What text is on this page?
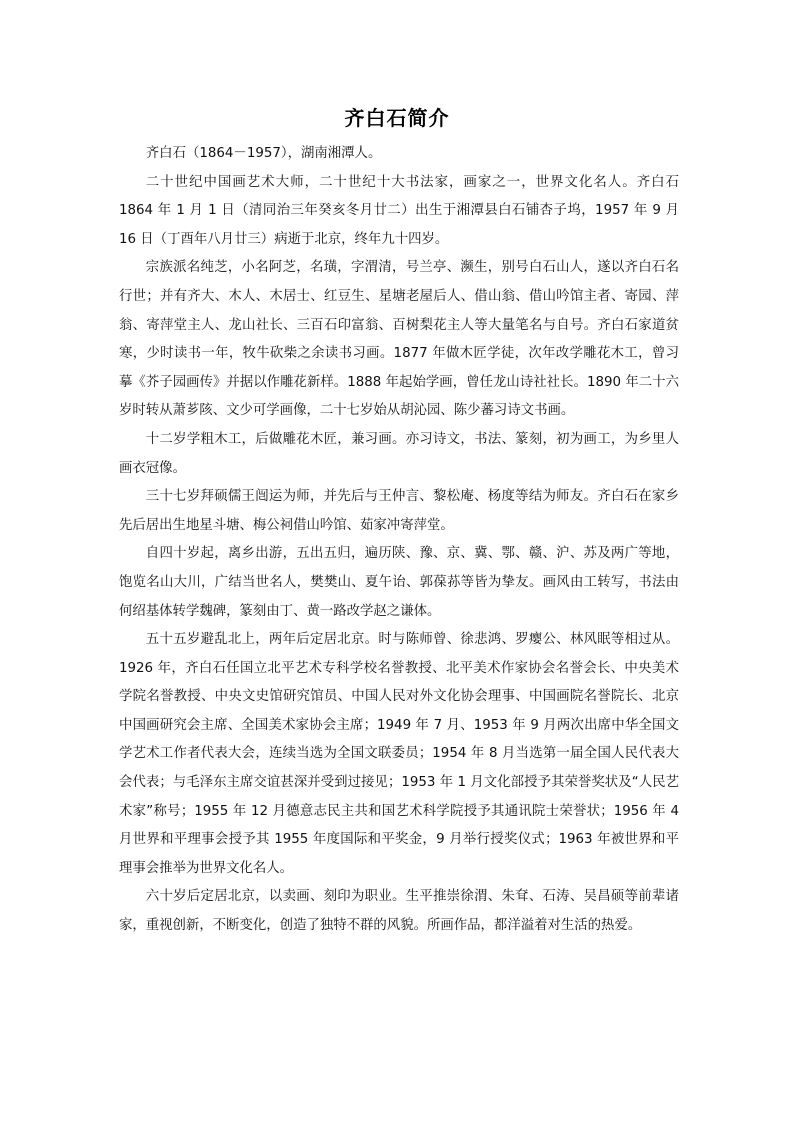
齐白石简介

齐白石（1864－1957），湖南湘潭人。

二十世纪中国画艺术大师，二十世纪十大书法家，画家之一，世界文化名人。齐白石 1864 年 1 月 1 日（清同治三年癸亥冬月廿二）出生于湘潭县白石铺杏子坞，1957 年 9 月 16 日（丁酉年八月廿三）病逝于北京，终年九十四岁。

宗族派名纯芝，小名阿芝，名璜，字渭清，号兰亭、濒生，别号白石山人，遂以齐白石名行世；并有齐大、木人、木居士、红豆生、星塘老屋后人、借山翁、借山吟馆主者、寄园、萍翁、寄萍堂主人、龙山社长、三百石印富翁、百树梨花主人等大量笔名与自号。齐白石家道贫寒，少时读书一年，牧牛砍柴之余读书习画。1877 年做木匠学徒，次年改学雕花木工，曾习摹《芥子园画传》并据以作雕花新样。1888 年起始学画，曾任龙山诗社社长。1890 年二十六岁时转从萧芗陔、文少可学画像，二十七岁始从胡沁园、陈少蕃习诗文书画。

十二岁学粗木工，后做雕花木匠，兼习画。亦习诗文，书法、篆刻，初为画工，为乡里人画衣冠像。

三十七岁拜硕儒王闿运为师，并先后与王仲言、黎松庵、杨度等结为师友。齐白石在家乡先后居出生地星斗塘、梅公祠借山吟馆、茹家冲寄萍堂。

自四十岁起，离乡出游，五出五归，遍历陕、豫、京、冀、鄂、赣、沪、苏及两广等地，饱览名山大川，广结当世名人，樊樊山、夏午诒、郭葆荪等皆为挚友。画风由工转写，书法由何绍基体转学魏碑，篆刻由丁、黄一路改学赵之谦体。

五十五岁避乱北上，两年后定居北京。时与陈师曾、徐悲鸿、罗瘿公、林风眠等相过从。1926 年，齐白石任国立北平艺术专科学校名誉教授、北平美术作家协会名誉会长、中央美术学院名誉教授、中央文史馆研究馆员、中国人民对外文化协会理事、中国画院名誉院长、北京中国画研究会主席、全国美术家协会主席；1949 年 7 月、1953 年 9 月两次出席中华全国文学艺术工作者代表大会，连续当选为全国文联委员；1954 年 8 月当选第一届全国人民代表大会代表；与毛泽东主席交谊甚深并受到过接见；1953 年 1 月文化部授予其荣誉奖状及“人民艺术家”称号；1955 年 12 月德意志民主共和国艺术科学院授予其通讯院士荣誉状；1956 年 4 月世界和平理事会授予其 1955 年度国际和平奖金，9 月举行授奖仪式；1963 年被世界和平理事会推举为世界文化名人。

六十岁后定居北京，以卖画、刻印为职业。生平推崇徐渭、朱耷、石涛、吴昌硕等前辈诸家，重视创新，不断变化，创造了独特不群的风貌。所画作品，都洋溢着对生活的热爱。
